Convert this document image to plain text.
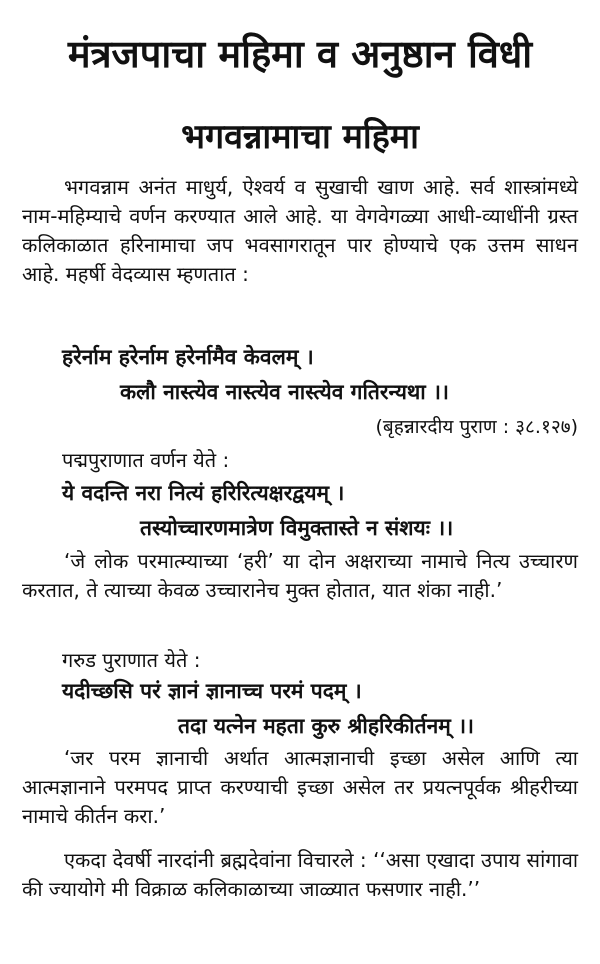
मंत्रजपाचा महिमा व अनुष्ठान विधी
भगवन्नामाचा महिमा
भगवन्नाम अनंत माधुर्य, ऐश्वर्य व सुखाची खाण आहे. सर्व शास्त्रांमध्ये नाम-महिम्याचे वर्णन करण्यात आले आहे. या वेगवेगळ्या आधी-व्याधींनी ग्रस्त कलिकाळात हरिनामाचा जप भवसागरातून पार होण्याचे एक उत्तम साधन आहे. महर्षी वेदव्यास म्हणतात :
हरेर्नाम हरेर्नाम हरेर्नामैव केवलम् ।
कलौ नास्त्येव नास्त्येव नास्त्येव गतिरन्यथा ।।
(बृहन्नारदीय पुराण : ३८.१२७)
पद्मपुराणात वर्णन येते :
ये वदन्ति नरा नित्यं हरिरित्यक्षरद्वयम् ।
तस्योच्चारणमात्रेण विमुक्तास्ते न संशयः ।।
‘जे लोक परमात्म्याच्या ‘हरी’ या दोन अक्षराच्या नामाचे नित्य उच्चारण करतात, ते त्याच्या केवळ उच्चारानेच मुक्त होतात, यात शंका नाही.’
गरुड पुराणात येते :
यदीच्छसि परं ज्ञानं ज्ञानाच्च परमं पदम् ।
तदा यत्नेन महता कुरु श्रीहरिकीर्तनम् ।।
‘जर परम ज्ञानाची अर्थात आत्मज्ञानाची इच्छा असेल आणि त्या आत्मज्ञानाने परमपद प्राप्त करण्याची इच्छा असेल तर प्रयत्नपूर्वक श्रीहरीच्या नामाचे कीर्तन करा.’
एकदा देवर्षी नारदांनी ब्रह्मदेवांना विचारले : ‘‘असा एखादा उपाय सांगावा की ज्यायोगे मी विक्राळ कलिकाळाच्या जाळ्यात फसणार नाही.’’
